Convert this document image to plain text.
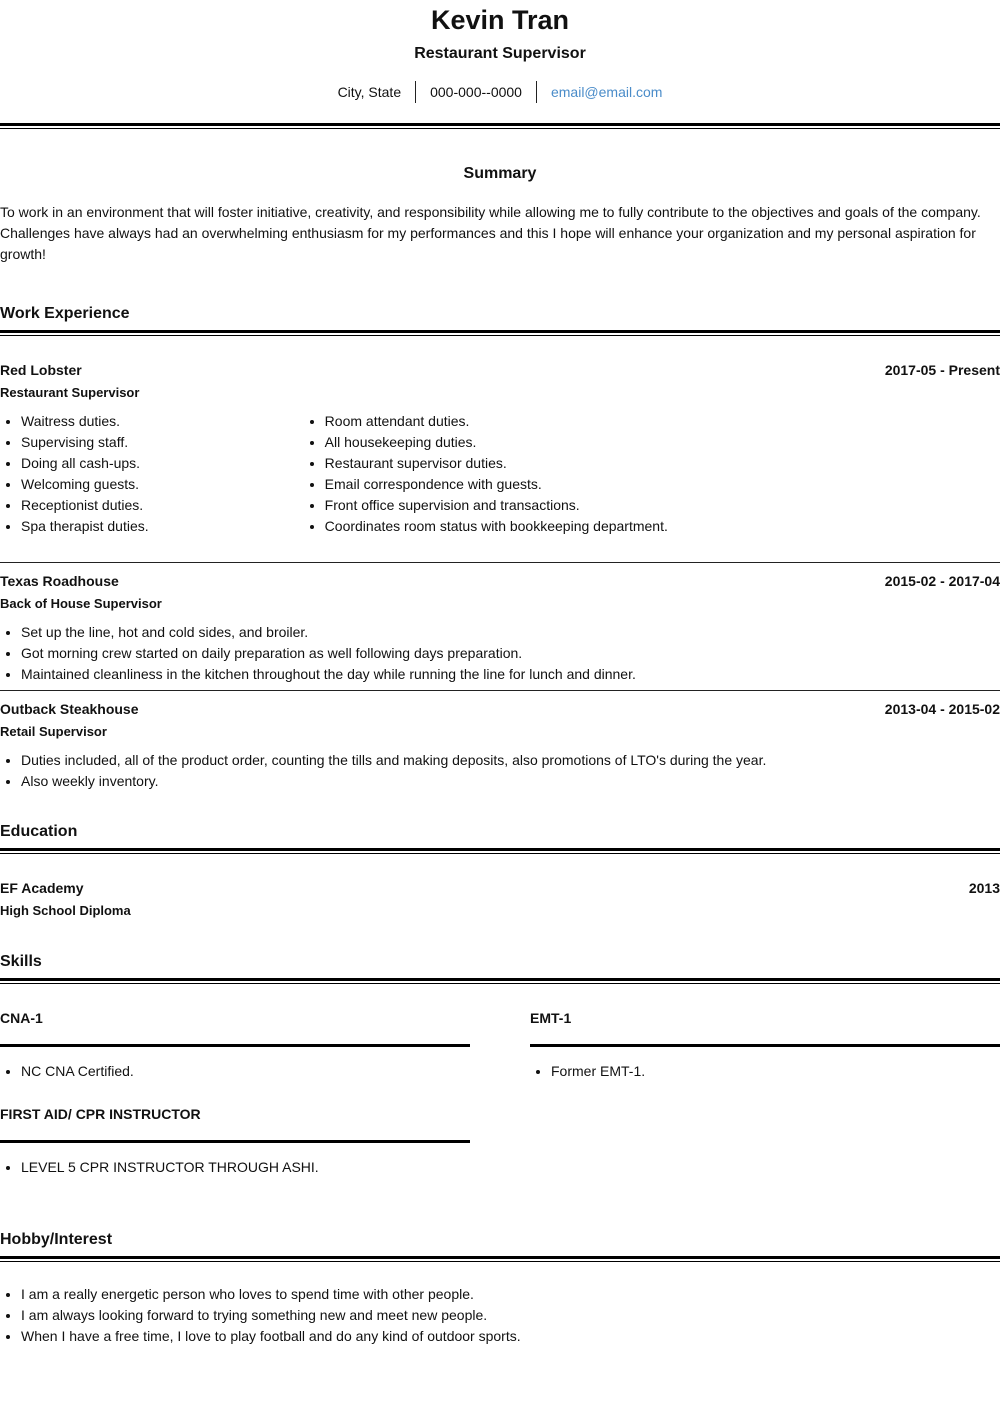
Kevin Tran
Restaurant Supervisor
City, State	000-000--0000	email@email.com
Summary
To work in an environment that will foster initiative, creativity, and responsibility while allowing me to fully contribute to the objectives and goals of the company. Challenges have always had an overwhelming enthusiasm for my performances and this I hope will enhance your organization and my personal aspiration for growth!
Work Experience
Red Lobster	2017-05 - Present
Restaurant Supervisor
• Waitress duties.
• Supervising staff.
• Doing all cash-ups.
• Welcoming guests.
• Receptionist duties.
• Spa therapist duties.
• Room attendant duties.
• All housekeeping duties.
• Restaurant supervisor duties.
• Email correspondence with guests.
• Front office supervision and transactions.
• Coordinates room status with bookkeeping department.
Texas Roadhouse	2015-02 - 2017-04
Back of House Supervisor
• Set up the line, hot and cold sides, and broiler.
• Got morning crew started on daily preparation as well following days preparation.
• Maintained cleanliness in the kitchen throughout the day while running the line for lunch and dinner.
Outback Steakhouse	2013-04 - 2015-02
Retail Supervisor
• Duties included, all of the product order, counting the tills and making deposits, also promotions of LTO's during the year.
• Also weekly inventory.
Education
EF Academy	2013
High School Diploma
Skills
CNA-1
• NC CNA Certified.
EMT-1
• Former EMT-1.
FIRST AID/ CPR INSTRUCTOR
• LEVEL 5 CPR INSTRUCTOR THROUGH ASHI.
Hobby/Interest
• I am a really energetic person who loves to spend time with other people.
• I am always looking forward to trying something new and meet new people.
• When I have a free time, I love to play football and do any kind of outdoor sports.
